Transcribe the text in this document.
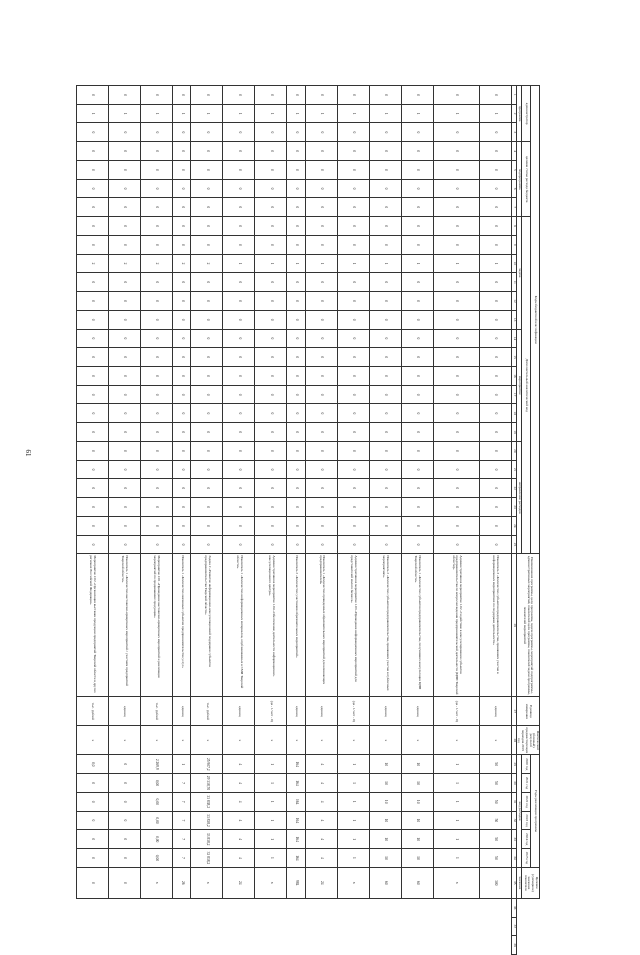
61
Коды бюджетной классификации																									Наименование программы, цели программы, задачи программы, мероприятий подпрограммы, административных мероприятий, показателей цели программы, показателей задачи программы, показателей мероприятий	Единица измерения	Фактический (базовый) результат предшествующих периодов 2019 год	Годы реализации программы						Целевое (суммарное) значение показателя			
администратор			целевая статья расхода бюджета				Дополнительный аналитический код																					2020 год	2021 год	2022 год	2023 год	2024 год	2025 год				
программа			подпрограмма				задача						мероприятие						направление расходов									вид расходов						значение			
1	2	3	4	5	6	7	8	9	10	11	12	13	14	15	16	17	18	19	20	21	22	23	24	25	26	27	28	29	30	31	32	33	34	35	36	37	38
0	1	0	0	0	0	0	0	0	1	0	0	0	0	0	0	0	0	0	0	0	0	0	0	0	Показатель 3 «Количество субъектов предпринимательства, принявших участие в информационных мероприятиях по поддержке деятельности»	единиц	х	50	50	50	50	50	50	300			
0	1	0	0	0	0	0	0	0	1	0	0	0	0	0	0	0	0	0	0	0	0	0	0	0	Административное мероприятие 1.02 «Содействие в консультировании субъектов предпринимательства по вопросам ведения предпринимательской деятельности (ЦПП Тверской области)»	(да - 1/ нет - 0)	х	1	1	1	1	1	1	х			
0	1	0	0	0	0	0	0	0	1	0	0	0	0	0	0	0	0	0	0	0	0	0	0	0	Показатель 1 «Количество субъектов предпринимательства, получивших консультации ЦПП Тверской области»	единиц	х	10	10	10	10	10	10	60			
0	1	0	0	0	0	0	0	0	1	0	0	0	0	0	0	0	0	0	0	0	0	0	0	0	Показатель 2 «Количество субъектов предпринимательства, принявших участие в публичных мероприятиях»	единиц	х	10	10	10	10	10	10	60			
0	1	0	0	0	0	0	0	0	1	0	0	0	0	0	0	0	0	0	0	0	0	0	0	0	Административное мероприятие 1.03 «Проведение информационных мероприятий для представителей малого бизнеса»	(да - 1/ нет - 0)	х	1	1	1	1	1	1	х			
0	1	0	0	0	0	0	0	0	1	0	0	0	0	0	0	0	0	0	0	0	0	0	0	0	Показатель 1 «Количество проведенных образовательных мероприятий для начинающих предпринимателей»	единиц	х	4	4	4	4	4	4	24			
0	1	0	0	0	0	0	0	0	1	0	0	0	0	0	0	0	0	0	0	0	0	0	0	0	Показатель 2 «Количество участников образовательных мероприятий»	единиц	х	164	164	164	164	164	164	984			
0	1	0	0	0	0	0	0	0	1	0	0	0	0	0	0	0	0	0	0	0	0	0	0	0	Административное мероприятие 1.04 «Обеспечение деятельности информационно-консультационного центра»	(да - 1/ нет - 0)	х	1	1	1	1	1	1	х			
0	1	0	0	0	0	0	0	0	1	0	0	0	0	0	0	0	0	0	0	0	0	0	0	0	Показатель 1 «Количество информационных материалов, опубликованных в СМИ Тверской области»	единиц	х	4	4	4	4	4	4	24			
0	1	0	0	0	0	0	0	0	2	0	0	0	0	0	0	0	0	0	0	0	0	0	0	0	Задача 2 «Развитие информационно-консультационной поддержки субъектов предпринимательства Тверской области»	тыс. рублей	х	25 907,2	29 338,70	33 838,2	33 838,2	33 838,2	33 838,2	х			
0	1	0	0	0	0	0	0	0	2	0	0	0	0	0	0	0	0	0	0	0	0	0	0	0	Показатель 1 «Количество оказанных субъектам предпринимательства услуг»	единиц	х	1	7	7	7	7	7	26			
0	1	0	0	0	0	0	0	0	2	0	0	0	0	0	0	0	0	0	0	0	0	0	0	0	Мероприятие 2.01 «Проведение выставочно-ярмарочных мероприятий и реализация мероприятий по продвижению продукции»	тыс. рублей	х	2 269,9	0,00	0,00	0,00	0,00	0,00	х			
0	1	0	0	0	0	0	0	0	2	0	0	0	0	0	0	0	0	0	0	0	0	0	0	0	Показатель 1 «Количество выставочно-ярмарочных мероприятий с участием предприятий Тверской области»	единиц	х	0	0	0	0	0	0	0			
0	1	0	0	0	0	0	0	0	2	0	0	0	0	0	0	0	0	0	0	0	0	0	0	0	Мероприятие 2.02 «Организация выставки продукции предприятий Тверской области в других регионах Российской Федерации»	тыс. рублей	х	0,0	0	0	0	0	0	0			
